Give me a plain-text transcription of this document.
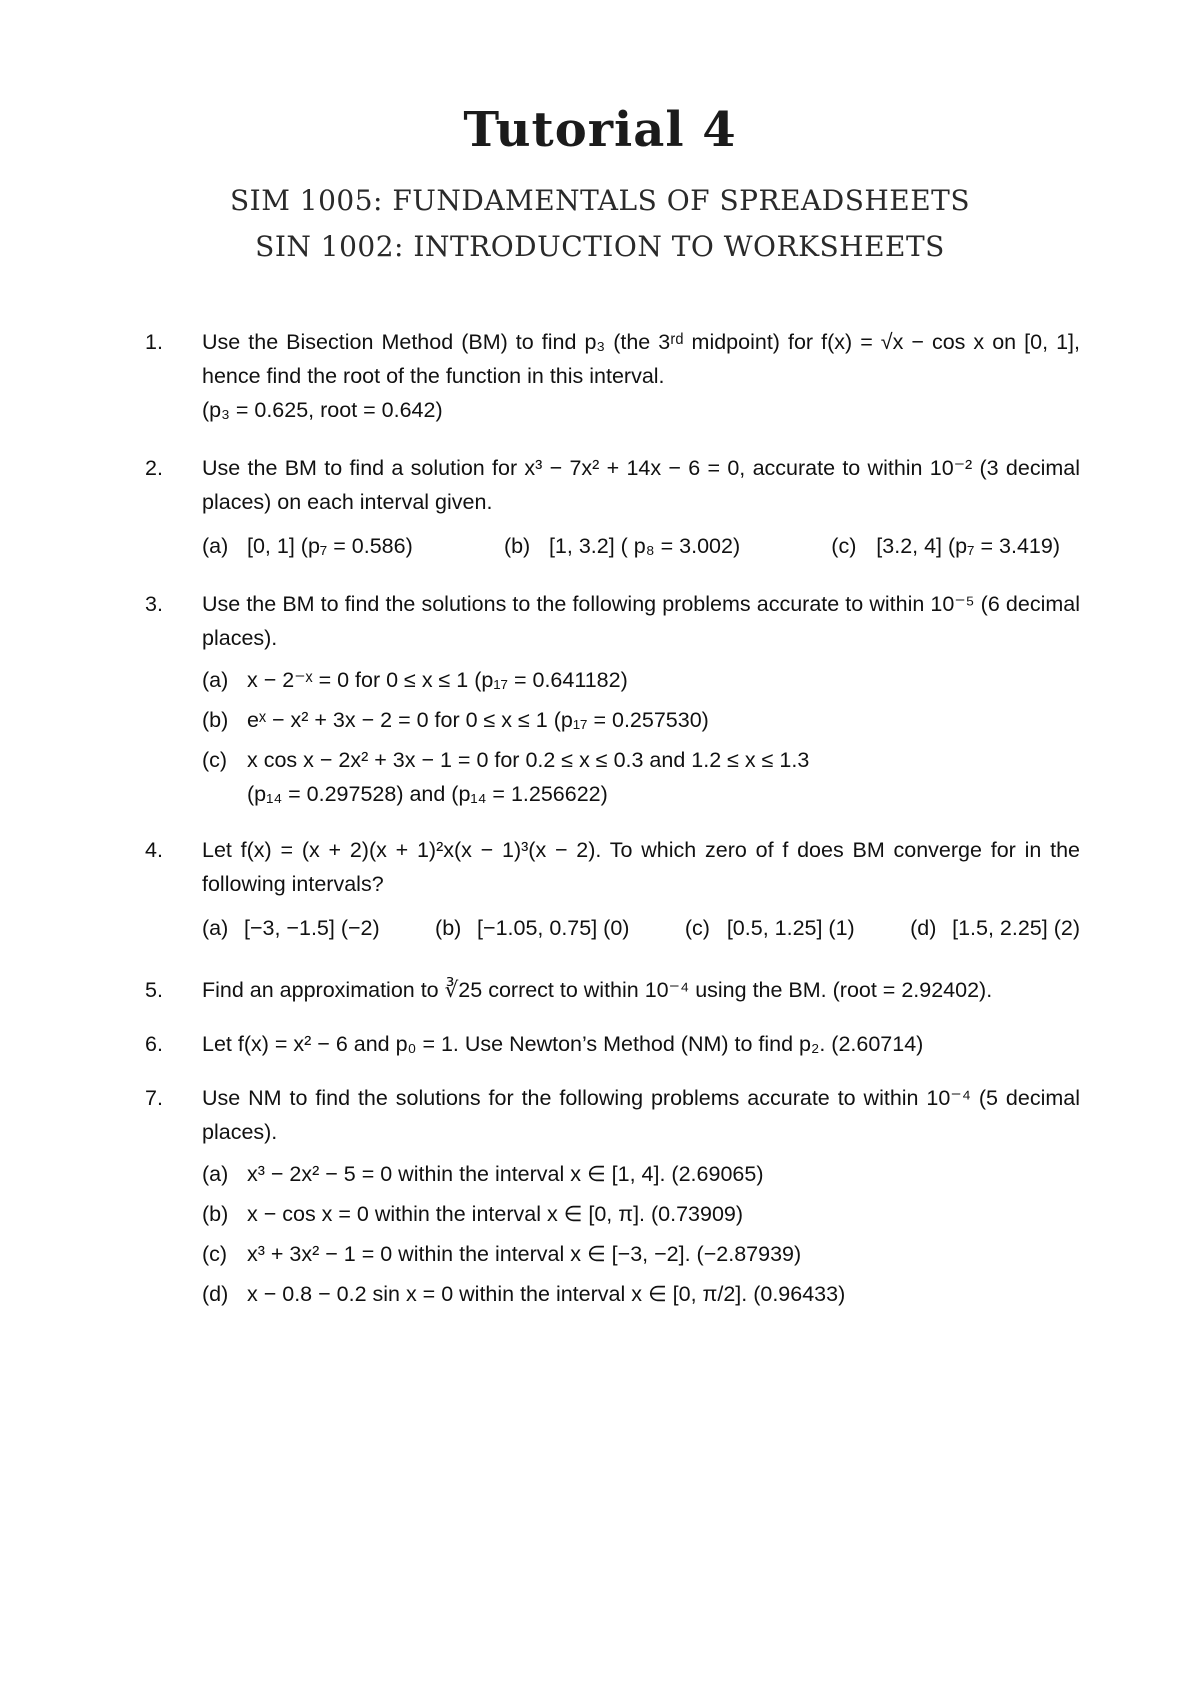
Tutorial 4
SIM 1005: FUNDAMENTALS OF SPREADSHEETS
SIN 1002: INTRODUCTION TO WORKSHEETS
1. Use the Bisection Method (BM) to find p₃ (the 3ʳᵈ midpoint) for f(x) = √x − cos x on [0, 1], hence find the root of the function in this interval.
(p₃ = 0.625, root = 0.642)
2. Use the BM to find a solution for x³ − 7x² + 14x − 6 = 0, accurate to within 10⁻² (3 decimal places) on each interval given.
(a) [0, 1] (p₇ = 0.586)	(b) [1, 3.2] ( p₈ = 3.002)	(c) [3.2, 4] (p₇ = 3.419)
3. Use the BM to find the solutions to the following problems accurate to within 10⁻⁵ (6 decimal places).
(a) x − 2⁻ˣ = 0 for 0 ≤ x ≤ 1 (p₁₇ = 0.641182)
(b) eˣ − x² + 3x − 2 = 0 for 0 ≤ x ≤ 1 (p₁₇ = 0.257530)
(c) x cos x − 2x² + 3x − 1 = 0 for 0.2 ≤ x ≤ 0.3 and 1.2 ≤ x ≤ 1.3
(p₁₄ = 0.297528) and (p₁₄ = 1.256622)
4. Let f(x) = (x + 2)(x + 1)²x(x − 1)³(x − 2). To which zero of f does BM converge for in the following intervals?
(a) [−3, −1.5] (−2)	(b) [−1.05, 0.75] (0)	(c) [0.5, 1.25] (1)	(d) [1.5, 2.25] (2)
5. Find an approximation to ∛25 correct to within 10⁻⁴ using the BM. (root = 2.92402).
6. Let f(x) = x² − 6 and p₀ = 1. Use Newton’s Method (NM) to find p₂. (2.60714)
7. Use NM to find the solutions for the following problems accurate to within 10⁻⁴ (5 decimal places).
(a) x³ − 2x² − 5 = 0 within the interval x ∈ [1, 4]. (2.69065)
(b) x − cos x = 0 within the interval x ∈ [0, π]. (0.73909)
(c) x³ + 3x² − 1 = 0 within the interval x ∈ [−3, −2]. (−2.87939)
(d) x − 0.8 − 0.2 sin x = 0 within the interval x ∈ [0, π/2]. (0.96433)
